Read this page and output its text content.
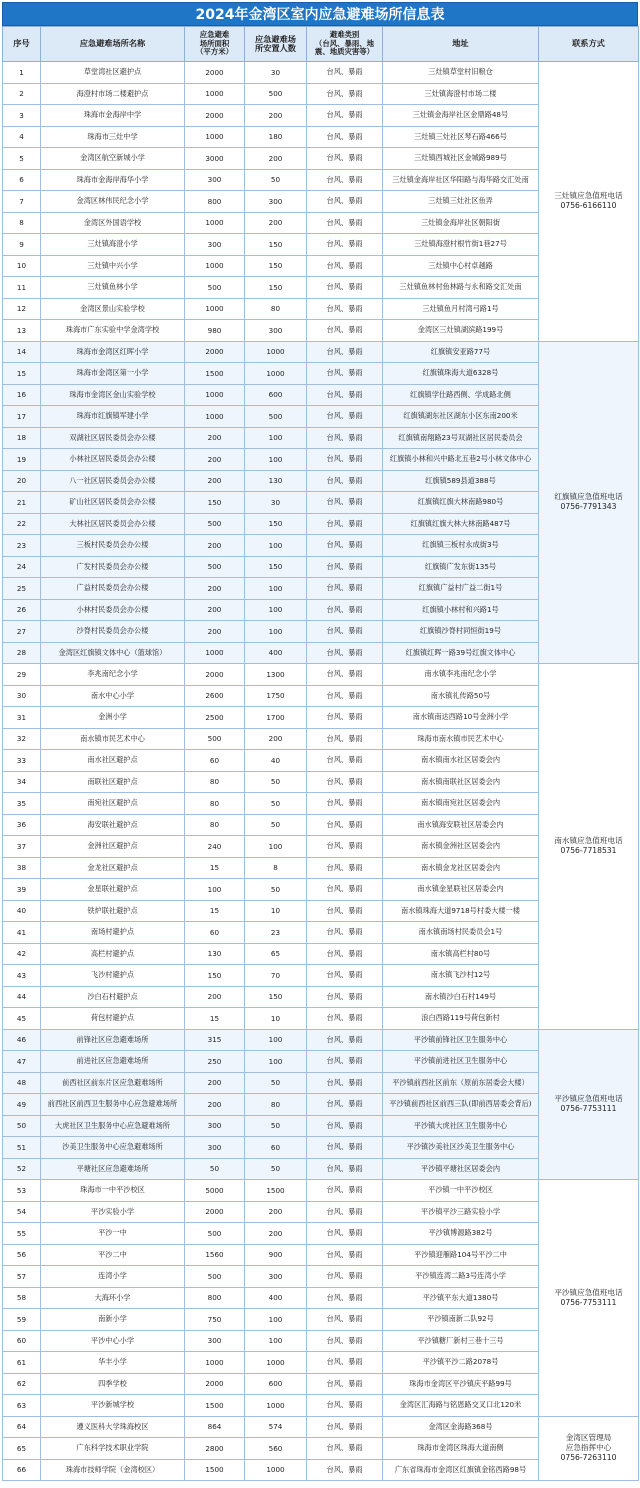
2024年金湾区室内应急避难场所信息表
序号	应急避难场所名称	应急避难
场所面积
（平方米）	应急避难场
所安置人数	避难类别
（台风、暴雨、地
震、地质灾害等）	地址	联系方式
1	草堂湾社区避护点	2000	30	台风、暴雨	三灶镇草堂村旧粮仓	三灶镇应急值班电话
0756-6166110

2	海澄村市场二楼避护点	1000	500	台风、暴雨	三灶镇海澄村市场二楼	
3	珠海市金海岸中学	2000	200	台风、暴雨	三灶镇金海岸社区金鼎路48号	
4	珠海市三灶中学	1000	180	台风、暴雨	三灶镇三灶社区琴石路466号	
5	金湾区航空新城小学	3000	200	台风、暴雨	三灶镇西城社区金城路989号	
6	珠海市金海岸海华小学	300	50	台风、暴雨	三灶镇金海岸社区华阳路与海华路交汇处南	
7	金湾区林伟民纪念小学	800	300	台风、暴雨	三灶镇三灶社区鱼弄	
8	金湾区外国语学校	1000	200	台风、暴雨	三灶镇金海岸社区朝阳街	
9	三灶镇海澄小学	300	150	台风、暴雨	三灶镇海澄村根竹街1巷27号	
10	三灶镇中兴小学	1000	150	台风、暴雨	三灶镇中心村卓越路	
11	三灶镇鱼林小学	500	150	台风、暴雨	三灶镇鱼林村鱼林路与永和路交汇处南	
12	金湾区景山实验学校	1000	80	台风、暴雨	三灶镇鱼月村湾弓路1号	
13	珠海市广东实验中学金湾学校	980	300	台风、暴雨	金湾区三灶镇湖滨路199号	
14	珠海市金湾区红晖小学	2000	1000	台风、暴雨	红旗镇安亚路77号	红旗镇应急值班电话
0756-7791343

15	珠海市金湾区第一小学	1500	1000	台风、暴雨	红旗镇珠海大道6328号	
16	珠海市金湾区金山实验学校	1000	600	台风、暴雨	红旗镇学仕路西侧、学成路北侧	
17	珠海市红旗镇军建小学	1000	500	台风、暴雨	红旗镇湖东社区湖东小区东南200米	
18	双湖社区居民委员会办公楼	200	100	台风、暴雨	红旗镇南翔路23号双湖社区居民委员会	
19	小林社区居民委员会办公楼	200	100	台风、暴雨	红旗镇小林和兴中路北五巷2号小林文体中心	
20	八一社区居民委员会办公楼	200	130	台风、暴雨	红旗镇589县道388号	
21	矿山社区居民委员会办公楼	150	30	台风、暴雨	红旗镇红旗大林南路980号	
22	大林社区居民委员会办公楼	500	150	台风、暴雨	红旗镇红旗大林大林南路487号	
23	三板村民委员会办公楼	200	100	台风、暴雨	红旗镇三板村永成街3号	
24	广发村民委员会办公楼	500	150	台风、暴雨	红旗镇广发东街135号	
25	广益村民委员会办公楼	200	100	台风、暴雨	红旗镇广益村广益二街1号	
26	小林村民委员会办公楼	200	100	台风、暴雨	红旗镇小林村和兴路1号	
27	沙脊村民委员会办公楼	200	100	台风、暴雨	红旗镇沙脊村同恒街19号	
28	金湾区红旗镇文体中心（篮球馆）	1000	400	台风、暴雨	红旗镇红晖一路39号红旗文体中心	
29	李兆南纪念小学	2000	1300	台风、暴雨	南水镇李兆南纪念小学	南水镇应急值班电话
0756-7718531

30	南水中心小学	2600	1750	台风、暴雨	南水镇礼传路50号	
31	金洲小学	2500	1700	台风、暴雨	南水镇南达西路10号金洲小学	
32	南水镇市民艺术中心	500	200	台风、暴雨	珠海市南水镇市民艺术中心	
33	南水社区避护点	60	40	台风、暴雨	南水镇南水社区居委会内	
34	南联社区避护点	80	50	台风、暴雨	南水镇南联社区居委会内	
35	南宛社区避护点	80	50	台风、暴雨	南水镇南宛社区居委会内	
36	海安联社避护点	80	50	台风、暴雨	南水镇海安联社区居委会内	
37	金洲社区避护点	240	100	台风、暴雨	南水镇金洲社区居委会内	
38	金龙社区避护点	15	8	台风、暴雨	南水镇金龙社区居委会内	
39	金星联社避护点	100	50	台风、暴雨	南水镇金星联社区居委会内	
40	铁炉联社避护点	15	10	台风、暴雨	南水镇珠海大道9718号村委大楼一楼	
41	南场村避护点	60	23	台风、暴雨	南水镇南场村民委员会1号	
42	高栏村避护点	130	65	台风、暴雨	南水镇高栏村80号	
43	飞沙村避护点	150	70	台风、暴雨	南水镇飞沙村12号	
44	沙白石村避护点	200	150	台风、暴雨	南水镇沙白石村149号	
45	荷包村避护点	15	10	台风、暴雨	浪白西路119号荷包新村	
46	前锋社区应急避难场所	315	100	台风、暴雨	平沙镇前锋社区卫生服务中心	平沙镇应急值班电话
0756-7753111

47	前进社区应急避难场所	250	100	台风、暴雨	平沙镇前进社区卫生服务中心	
48	前西社区前东片区应急避难场所	200	50	台风、暴雨	平沙镇前西社区前东（原前东居委会大楼）	
49	前西社区前西卫生服务中心应急避难场所	200	80	台风、暴雨	平沙镇前西社区前西三队(即前西居委会背后)	
50	大虎社区卫生服务中心应急避难场所	300	50	台风、暴雨	平沙镇大虎社区卫生服务中心	
51	沙美卫生服务中心应急避难场所	300	60	台风、暴雨	平沙镇沙美社区沙美卫生服务中心	
52	平塘社区应急避难场所	50	50	台风、暴雨	平沙镇平塘社区居委会内	
53	珠海市一中平沙校区	5000	1500	台风、暴雨	平沙镇一中平沙校区	平沙镇应急值班电话
0756-7753111

54	平沙实验小学	2000	200	台风、暴雨	平沙镇平沙三路实验小学	
55	平沙一中	500	200	台风、暴雨	平沙镇博源路382号	
56	平沙二中	1560	900	台风、暴雨	平沙镇迎雁路104号平沙二中	
57	连湾小学	500	300	台风、暴雨	平沙镇连湾二路3号连湾小学	
58	大海环小学	800	400	台风、暴雨	平沙镇平东大道1380号	
59	南新小学	750	100	台风、暴雨	平沙镇南新二队92号	
60	平沙中心小学	300	100	台风、暴雨	平沙镇糖厂新村三巷十三号	
61	华丰小学	1000	1000	台风、暴雨	平沙镇平沙二路2078号	
62	四季学校	2000	600	台风、暴雨	珠海市金湾区平沙镇庆平路99号	
63	平沙新城学校	1500	1000	台风、暴雨	金湾区汇海路与铭恩路交叉口北120米	
64	遵义医科大学珠海校区	864	574	台风、暴雨	金湾区金海路368号	金湾区管理局
应急指挥中心
0756-7263110

65	广东科学技术职业学院	2800	560	台风、暴雨	珠海市金湾区珠海大道南侧	
66	珠海市技师学院（金湾校区）	1500	1000	台风、暴雨	广东省珠海市金湾区红旗镇金铭西路98号	
